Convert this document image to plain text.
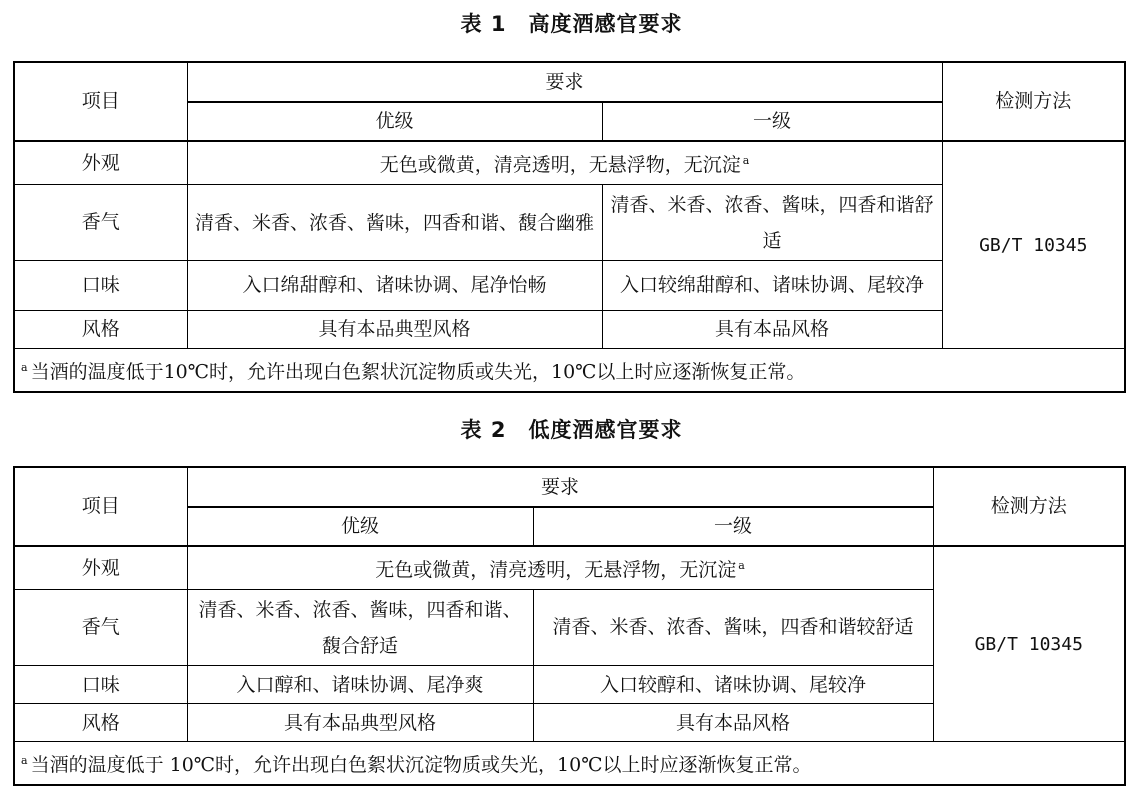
表 1 高度酒感官要求
项目	要求		检测方法
	优级	一级	
外观	无色或微黄，清亮透明，无悬浮物，无沉淀 $^a$		GB/T 10345
香气	清香、米香、浓香、酱味，四香和谐、馥合幽雅	清香、米香、浓香、酱味，四香和谐舒适	
口味	入口绵甜醇和、诸味协调、尾净怡畅	入口较绵甜醇和、诸味协调、尾较净	
风格	具有本品典型风格	具有本品风格	
$^a$ 当酒的温度低于10℃时，允许出现白色絮状沉淀物质或失光，10℃以上时应逐渐恢复正常。			
表 2 低度酒感官要求
项目	要求		检测方法
	优级	一级	
外观	无色或微黄，清亮透明，无悬浮物，无沉淀 $^a$		GB/T 10345
香气	清香、米香、浓香、酱味，四香和谐、馥合舒适	清香、米香、浓香、酱味，四香和谐较舒适	
口味	入口醇和、诸味协调、尾净爽	入口较醇和、诸味协调、尾较净	
风格	具有本品典型风格	具有本品风格	
$^a$ 当酒的温度低于 10℃时，允许出现白色絮状沉淀物质或失光，10℃以上时应逐渐恢复正常。			
